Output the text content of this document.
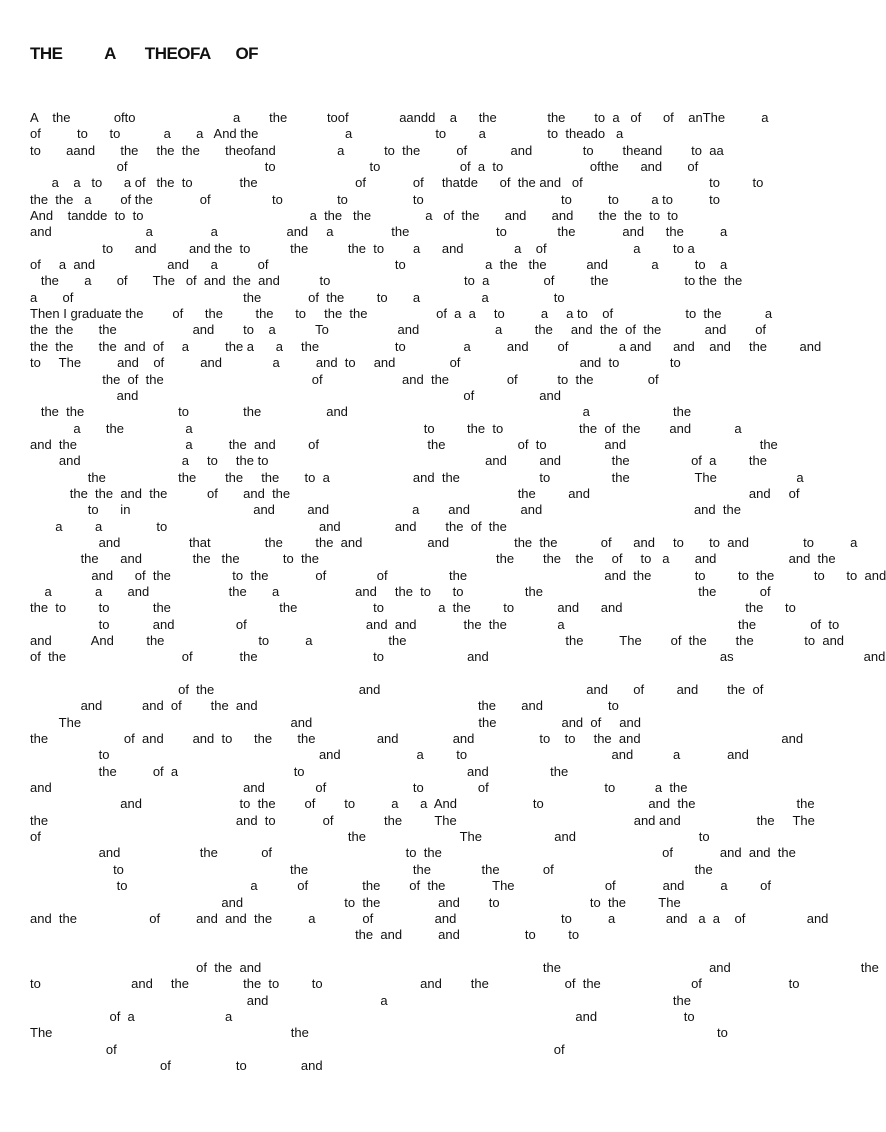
THE          A       THEOFA      OF
A    the            ofto                           a        the           toof              aandd    a      the              the        to  a   of      of    anThe          a
of          to      to            a       a   And the                        a                       to         a                 to  theado   a
to       aand       the     the  the       theofand                 a           to  the          of            and              to        theand        to  aa
of                                      to                          to                      of  a  to                        ofthe      and       of
a    a   to      a of   the  to             the                           of             of     thatde      of  the and   of                                   to         to
the  the   a        of the             of                 to               to                  to                                      to          to         a to          to
And    tandde  to  to                                              a  the   the               a   of  the       and       and       the  the  to  to
and                          a                a                   and     a                the                        to              the             and      the          a
to      and         and the  to           the           the  to        a      and              a    of                        a         to a
of     a  and                    and      a           of                                   to                      a  the   the           and            a          to    a
the       a       of       The   of  and  the  and           to                                     to  a               of          the                     to the  the
a       of                                               the             of  the         to       a                 a                  to
Then I graduate the        of      the         the      to     the  the                   of  a  a     to          a     a to    of                    to  the            a
the  the       the                     and        to    a           To                   and                     a         the     and  the  of  the            and        of
the  the       the  and  of     a          the a      a     the                     to                a          and        of              a and      and    and     the         and
to     The          and    of          and              a          and  to     and               of                                 and  to              to
the  of  the                                         of                      and  the                of           to  the               of
and                                                                                          of                  and
the  the                          to               the                  and                                                                 a                       the
a       the                 a                                                                to         the  to                     the  of  the        and            a
and  the                              a          the  and         of                              the                    of  to                and                                     the
and                            a     to     the to                                                            and         and              the                 of  a         the
the                    the        the     the       to  a                       and  the                      to                 the                  The                      a
the  the  and  the           of       and  the                                                               the         and                                            and     of
to      in                                  and         and                       a        and              and                                          and  the
a         a               to                                          and               and        the  of  the
and                   that               the         the  and                  and                  the  the            of      and     to       to  and               to          a
the      and              the   the            to  the                                                 the        the    the     of     to   a       and                    and  the
and      of  the                 to  the             of              of                 the                                      and  the            to         to  the           to      to  and
a            a       and                      the       a                     and     the  to      to                 the                                           the            of
the  to         to            the                              the                     to               a  the         to            and      and                                  the      to
to            and                 of                                 and  and             the  the              a                                                the               of  to
and           And         the                          to          a                     the                                            the          The        of  the        the              to  and
of  the                                of             the                                to                       and                                                                as                                    and
of  the                                        and                                                         and       of         and        the  of
and           and  of        the  and                                                             the       and                  to
The                                                          and                                              the                  and  of     and
the                     of  and        and  to      the       the                 and               and                  to    to     the  and                                       and
to                                                          and                     a         to                                        and           a             and
the          of  a                                to                                             and                 the
and                                                     and              of                        to               of                                to           a  the
and                           to  the        of        to          a      a  And                     to                             and  the                            the
the                                                    and  to             of              the         The                                                 and and                     the     The
of                                                                                     the                          The                    and                                  to
and                      the            of                                     to  the                                                             of             and  and  the
to                                              the                             the              the            of                                       the
to                                  a           of               the        of  the             The                         of             and          a         of
and                            to  the                and        to                         to  the         The
and  the                    of          and  and  the          a             of                 and                             to          a              and   a  a    of                 and
the  and          and                  to         to
of  the  and                                                                              the                                         and                                    the
to                         and     the               the  to         to                           and        the                     of  the                         of                        to
and                               a                                                                               the
of  a                         a                                                                                               and                        to
The                                                                  the                                                                                                                 to
of                                                                                                                         of
of                  to               and
